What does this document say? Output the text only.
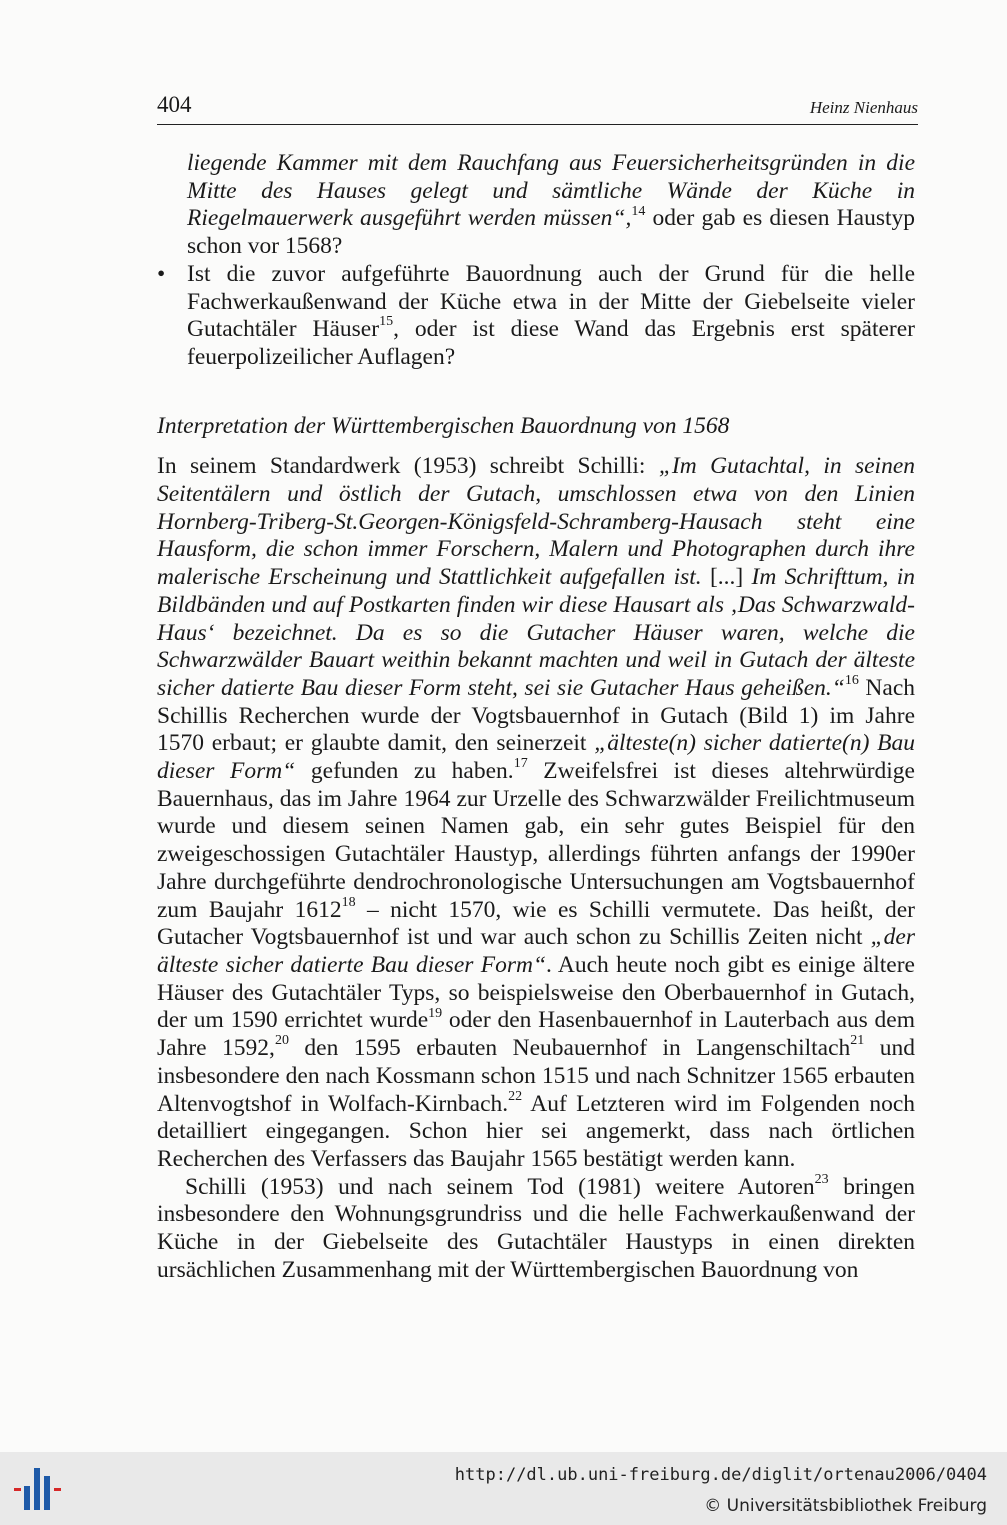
404	Heinz Nienhaus

liegende Kammer mit dem Rauchfang aus Feuersicherheitsgründen in die Mitte des Hauses gelegt und sämtliche Wände der Küche in Riegelmauerwerk ausgeführt werden müssen“,$^{14}$ oder gab es diesen Haustyp schon vor 1568?

• Ist die zuvor aufgeführte Bauordnung auch der Grund für die helle Fachwerkaußenwand der Küche etwa in der Mitte der Giebelseite vieler Gutachtäler Häuser$^{15}$, oder ist diese Wand das Ergebnis erst späterer feuerpolizeilicher Auflagen?

Interpretation der Württembergischen Bauordnung von 1568

In seinem Standardwerk (1953) schreibt Schilli: „Im Gutachtal, in seinen Seitentälern und östlich der Gutach, umschlossen etwa von den Linien Hornberg-Triberg-St.Georgen-Königsfeld-Schramberg-Hausach steht eine Hausform, die schon immer Forschern, Malern und Photographen durch ihre malerische Erscheinung und Stattlichkeit aufgefallen ist. [...] Im Schrifttum, in Bildbänden und auf Postkarten finden wir diese Hausart als ‚Das Schwarzwald-Haus‘ bezeichnet. Da es so die Gutacher Häuser waren, welche die Schwarzwälder Bauart weithin bekannt machten und weil in Gutach der älteste sicher datierte Bau dieser Form steht, sei sie Gutacher Haus geheißen.“$^{16}$ Nach Schillis Recherchen wurde der Vogtsbauernhof in Gutach (Bild 1) im Jahre 1570 erbaut; er glaubte damit, den seinerzeit „älteste(n) sicher datierte(n) Bau dieser Form“ gefunden zu haben.$^{17}$ Zweifelsfrei ist dieses altehrwürdige Bauernhaus, das im Jahre 1964 zur Urzelle des Schwarzwälder Freilichtmuseum wurde und diesem seinen Namen gab, ein sehr gutes Beispiel für den zweigeschossigen Gutachtäler Haustyp, allerdings führten anfangs der 1990er Jahre durchgeführte dendrochronologische Untersuchungen am Vogtsbauernhof zum Baujahr 1612$^{18}$ – nicht 1570, wie es Schilli vermutete. Das heißt, der Gutacher Vogtsbauernhof ist und war auch schon zu Schillis Zeiten nicht „der älteste sicher datierte Bau dieser Form“. Auch heute noch gibt es einige ältere Häuser des Gutachtäler Typs, so beispielsweise den Oberbauernhof in Gutach, der um 1590 errichtet wurde$^{19}$ oder den Hasenbauernhof in Lauterbach aus dem Jahre 1592,20 den 1595 erbauten Neubauernhof in Langenschiltach$^{21}$ und insbesondere den nach Kossmann schon 1515 und nach Schnitzer 1565 erbauten Altenvogtshof in Wolfach-Kirnbach.$^{22}$ Auf Letzteren wird im Folgenden noch detailliert eingegangen. Schon hier sei angemerkt, dass nach örtlichen Recherchen des Verfassers das Baujahr 1565 bestätigt werden kann.

Schilli (1953) und nach seinem Tod (1981) weitere Autoren$^{23}$ bringen insbesondere den Wohnungsgrundriss und die helle Fachwerkaußenwand der Küche in der Giebelseite des Gutachtäler Haustyps in einen direkten ursächlichen Zusammenhang mit der Württembergischen Bauordnung von

http://dl.ub.uni-freiburg.de/diglit/ortenau2006/0404
© Universitätsbibliothek Freiburg
